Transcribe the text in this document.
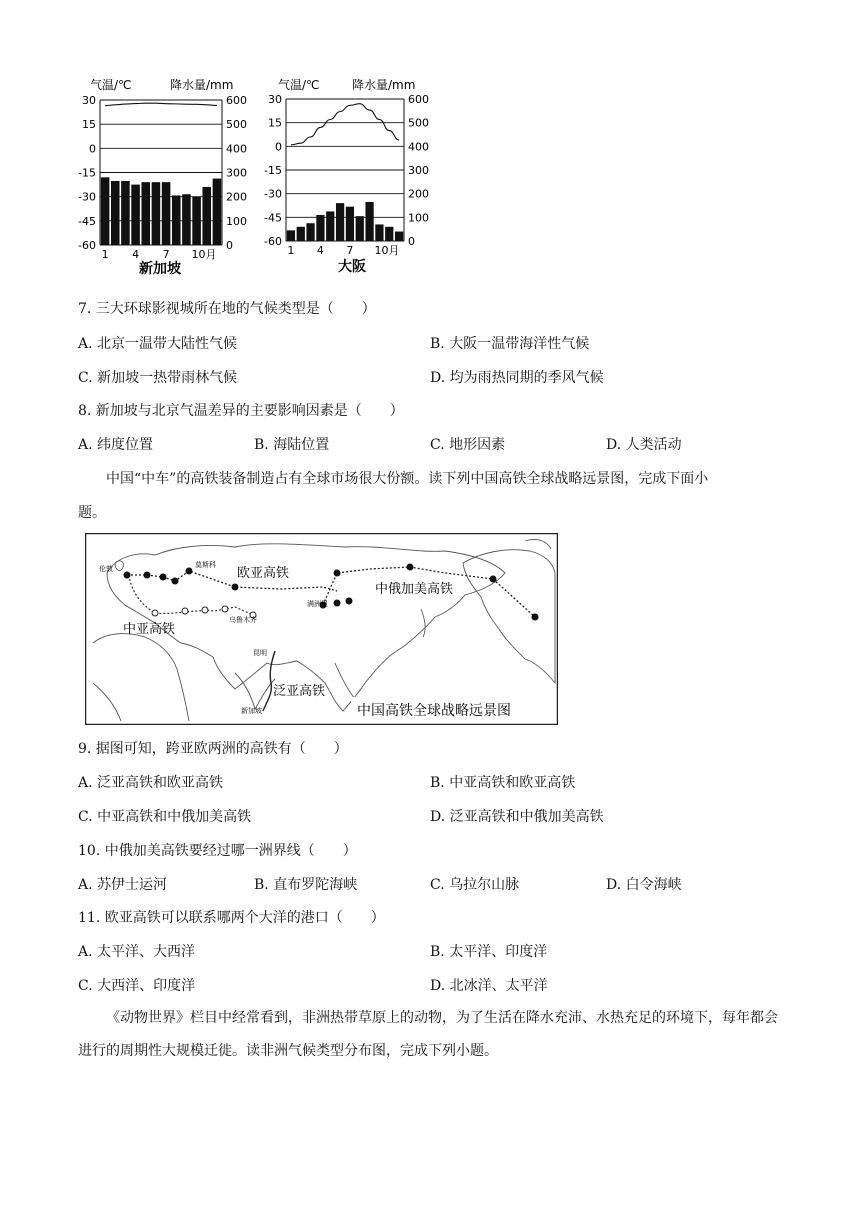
气温/℃	降水量/mm
新加坡
30	600
15	500
0	400
-15	300
-30	200
-45	100
-60	0
1 4 7 10月
气温/℃	降水量/mm
大阪
30	600
15	500
0	400
-15	300
-30	200
-45	100
-60	0
1 4 7 10月
7. 三大环球影视城所在地的气候类型是（　　）
A. 北京一温带大陆性气候	B. 大阪一温带海洋性气候
C. 新加坡一热带雨林气候	D. 均为雨热同期的季风气候
8. 新加坡与北京气温差异的主要影响因素是（　　）
A. 纬度位置	B. 海陆位置	C. 地形因素	D. 人类活动
中国“中车”的高铁装备制造占有全球市场很大份额。读下列中国高铁全球战略远景图，完成下面小
题。
欧亚高铁
中俄加美高铁
中亚高铁
泛亚高铁
伦敦	莫斯科
满洲里
乌鲁木齐
昆明
新加坡	中国高铁全球战略远景图
9. 据图可知，跨亚欧两洲的高铁有（　　）
A. 泛亚高铁和欧亚高铁	B. 中亚高铁和欧亚高铁
C. 中亚高铁和中俄加美高铁	D. 泛亚高铁和中俄加美高铁
10. 中俄加美高铁要经过哪一洲界线（　　）
A. 苏伊士运河	B. 直布罗陀海峡	C. 乌拉尔山脉	D. 白令海峡
11. 欧亚高铁可以联系哪两个大洋的港口（　　）
A. 太平洋、大西洋	B. 太平洋、印度洋
C. 大西洋、印度洋	D. 北冰洋、太平洋
《动物世界》栏目中经常看到，非洲热带草原上的动物，为了生活在降水充沛、水热充足的环境下，每年都会进行的周期性大规模迁徙。读非洲气候类型分布图，完成下列小题。
